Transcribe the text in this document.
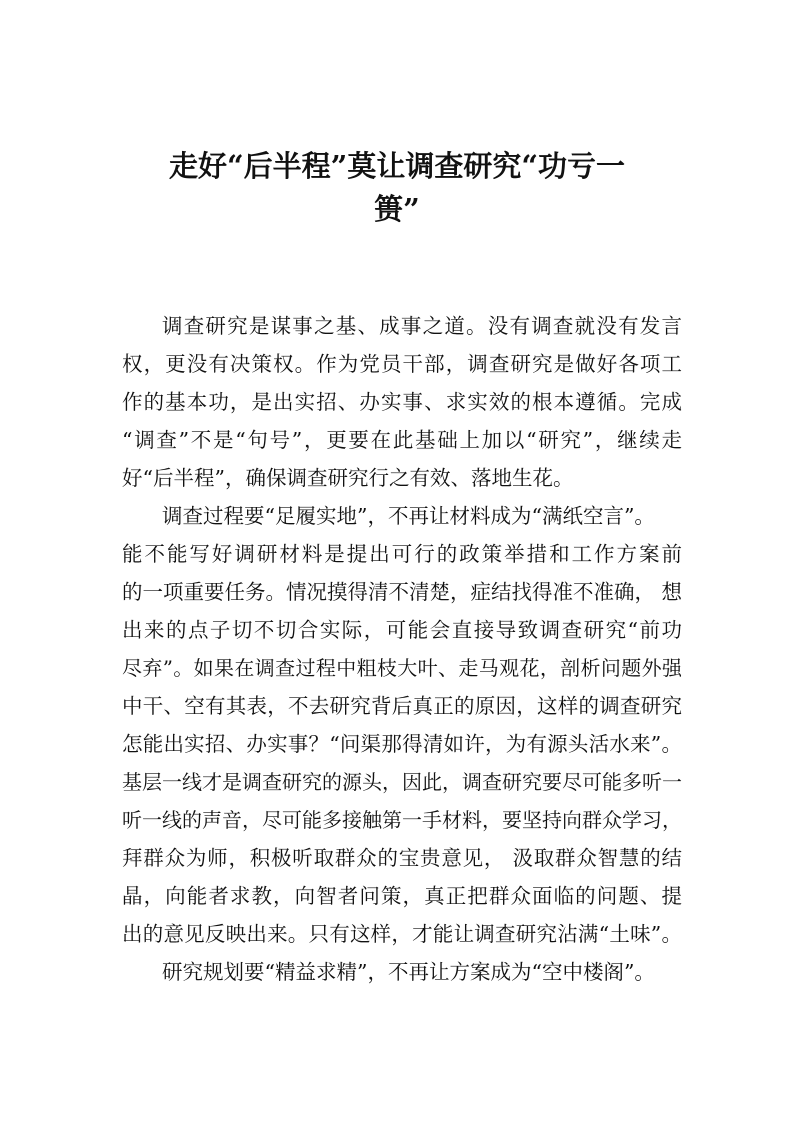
走好“后半程”莫让调查研究“功亏一
篑”
调查研究是谋事之基、成事之道。没有调查就没有发言
权，更没有决策权。作为党员干部，调查研究是做好各项工
作的基本功，是出实招、办实事、求实效的根本遵循。完成
“调查”不是“句号”，更要在此基础上加以“研究”，继续走
好“后半程”，确保调查研究行之有效、落地生花。
调查过程要“足履实地”，不再让材料成为“满纸空言”。
能不能写好调研材料是提出可行的政策举措和工作方案前
的一项重要任务。情况摸得清不清楚，症结找得准不准确， 想
出来的点子切不切合实际，可能会直接导致调查研究“前功
尽弃”。如果在调查过程中粗枝大叶、走马观花，剖析问题外强
中干、空有其表，不去研究背后真正的原因，这样的调查研究
怎能出实招、办实事？“问渠那得清如许，为有源头活水来”。
基层一线才是调查研究的源头，因此，调查研究要尽可能多听一
听一线的声音，尽可能多接触第一手材料，要坚持向群众学习，
拜群众为师，积极听取群众的宝贵意见， 汲取群众智慧的结
晶，向能者求教，向智者问策，真正把群众面临的问题、提
出的意见反映出来。只有这样，才能让调查研究沾满“土味”。
研究规划要“精益求精”，不再让方案成为“空中楼阁”。
